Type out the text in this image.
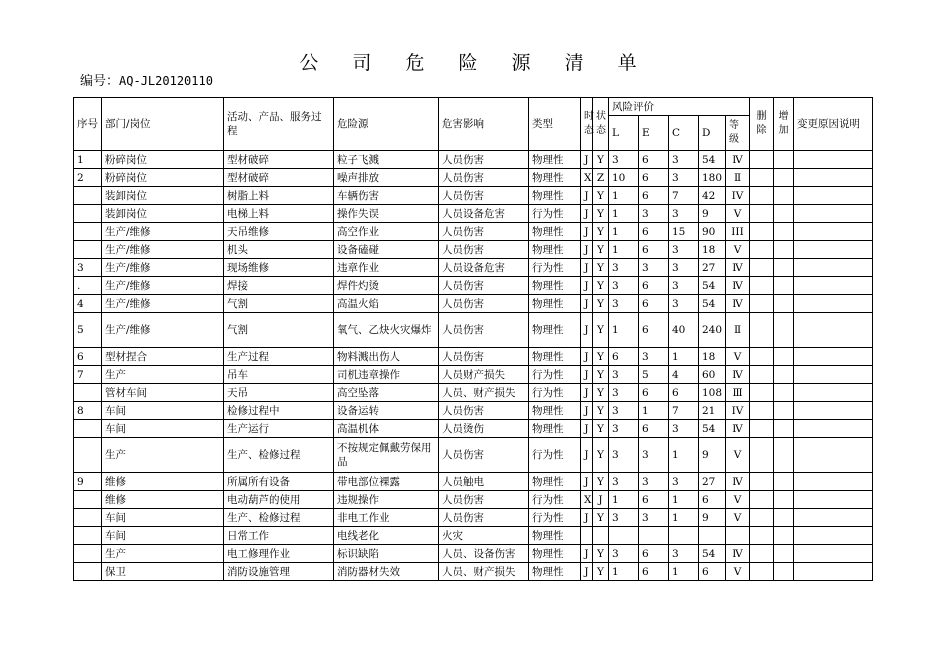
公 司 危 险 源 清 单
编号：AQ-JL20120110
序号	部门/岗位	活动、产品、服务过程	危险源	危害影响	类型	时态	状态	风险评价					删除	增加	变更原因说明
								L	E	C	D	等级			
1	粉碎岗位	型材破碎	粒子飞溅	人员伤害	物理性	J	Y	3	6	3	54	Ⅳ			
2	粉碎岗位	型材破碎	噪声排放	人员伤害	物理性	X	Z	10	6	3	180	Ⅱ			
	装卸岗位	树脂上料	车辆伤害	人员伤害	物理性	J	Y	1	6	7	42	IV			
	装卸岗位	电梯上料	操作失误	人员设备危害	行为性	J	Y	1	3	3	9	Ⅴ			
	生产/维修	天吊维修	高空作业	人员伤害	物理性	J	Y	1	6	15	90	III			
	生产/维修	机头	设备磕碰	人员伤害	物理性	J	Y	1	6	3	18	Ⅴ			
3	生产/维修	现场维修	违章作业	人员设备危害	行为性	J	Y	3	3	3	27	Ⅳ			
.	生产/维修	焊接	焊件灼烫	人员伤害	物理性	J	Y	3	6	3	54	Ⅳ			
4	生产/维修	气割	高温火焰	人员伤害	物理性	J	Y	3	6	3	54	Ⅳ			
5	生产/维修	气割	氧气、乙炔火灾爆炸	人员伤害	物理性	J	Y	1	6	40	240	Ⅱ			
6	型材捏合	生产过程	物料溅出伤人	人员伤害	物理性	J	Y	6	3	1	18	Ⅴ			
7	生产	吊车	司机违章操作	人员财产损失	行为性	J	Y	3	5	4	60	Ⅳ			
	管材车间	天吊	高空坠落	人员、财产损失	行为性	J	Y	3	6	6	108	Ⅲ			
8	车间	检修过程中	设备运转	人员伤害	物理性	J	Y	3	1	7	21	IV			
	车间	生产运行	高温机体	人员烫伤	物理性	J	Y	3	6	3	54	Ⅳ			
	生产	生产、检修过程	不按规定佩戴劳保用品	人员伤害	行为性	J	Y	3	3	1	9	Ⅴ			
9	维修	所属所有设备	带电部位裸露	人员触电	物理性	J	Y	3	3	3	27	Ⅳ			
	维修	电动葫芦的使用	违规操作	人员伤害	行为性	X	J	1	6	1	6	Ⅴ			
	车间	生产、检修过程	非电工作业	人员伤害	行为性	J	Y	3	3	1	9	Ⅴ			
	车间	日常工作	电线老化	火灾	物理性										
	生产	电工修理作业	标识缺陷	人员、设备伤害	物理性	J	Y	3	6	3	54	Ⅳ			
	保卫	消防设施管理	消防器材失效	人员、财产损失	物理性	J	Y	1	6	1	6	Ⅴ			
